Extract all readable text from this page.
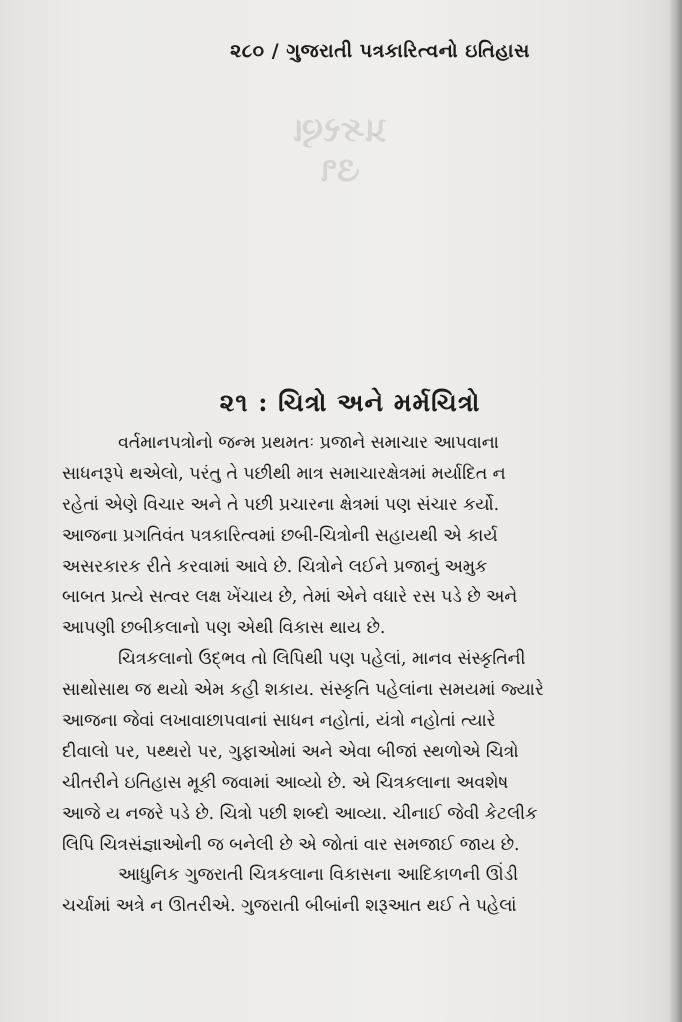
પ્રકરણ ૩૧
૨૮૦ / ગુજરાતી પત્રકારિત્વનો ઇતિહાસ
૨૧ : ચિત્રો અને મર્મચિત્રો
વર્તમાનપત્રોનો જન્મ પ્રથમતઃ પ્રજાને સમાચાર આપવાના
સાધનરૂપે થએલો, પરંતુ તે પછીથી માત્ર સમાચારક્ષેત્રમાં મર્યાદિત ન
રહેતાં એણે વિચાર અને તે પછી પ્રચારના ક્ષેત્રમાં પણ સંચાર કર્યો.
આજના પ્રગતિવંત પત્રકારિત્વમાં છબી-ચિત્રોની સહાયથી એ કાર્ય
અસરકારક રીતે કરવામાં આવે છે. ચિત્રોને લઈને પ્રજાનું અમુક
બાબત પ્રત્યે સત્વર લક્ષ ખેંચાય છે, તેમાં એને વધારે રસ પડે છે અને
આપણી છબીકલાનો પણ એથી વિકાસ થાય છે.
ચિત્રકલાનો ઉદ્ભવ તો લિપિથી પણ પહેલાં, માનવ સંસ્કૃતિની
સાથોસાથ જ થયો એમ કહી શકાય. સંસ્કૃતિ પહેલાંના સમયમાં જ્યારે
આજના જેવાં લખાવાછાપવાનાં સાધન નહોતાં, યંત્રો નહોતાં ત્યારે
દીવાલો પર, પથ્થરો પર, ગુફાઓમાં અને એવા બીજાં સ્થળોએ ચિત્રો
ચીતરીને ઇતિહાસ મૂકી જવામાં આવ્યો છે. એ ચિત્રકલાના અવશેષ
આજે ય નજરે પડે છે. ચિત્રો પછી શબ્દો આવ્યા. ચીનાઈ જેવી કેટલીક
લિપિ ચિત્રસંજ્ઞાઓની જ બનેલી છે એ જોતાં વાર સમજાઈ જાય છે.
આધુનિક ગુજરાતી ચિત્રકલાના વિકાસના આદિકાળની ઊંડી
ચર્ચામાં અત્રે ન ઊતરીએ. ગુજરાતી બીબાંની શરૂઆત થઈ તે પહેલાં
